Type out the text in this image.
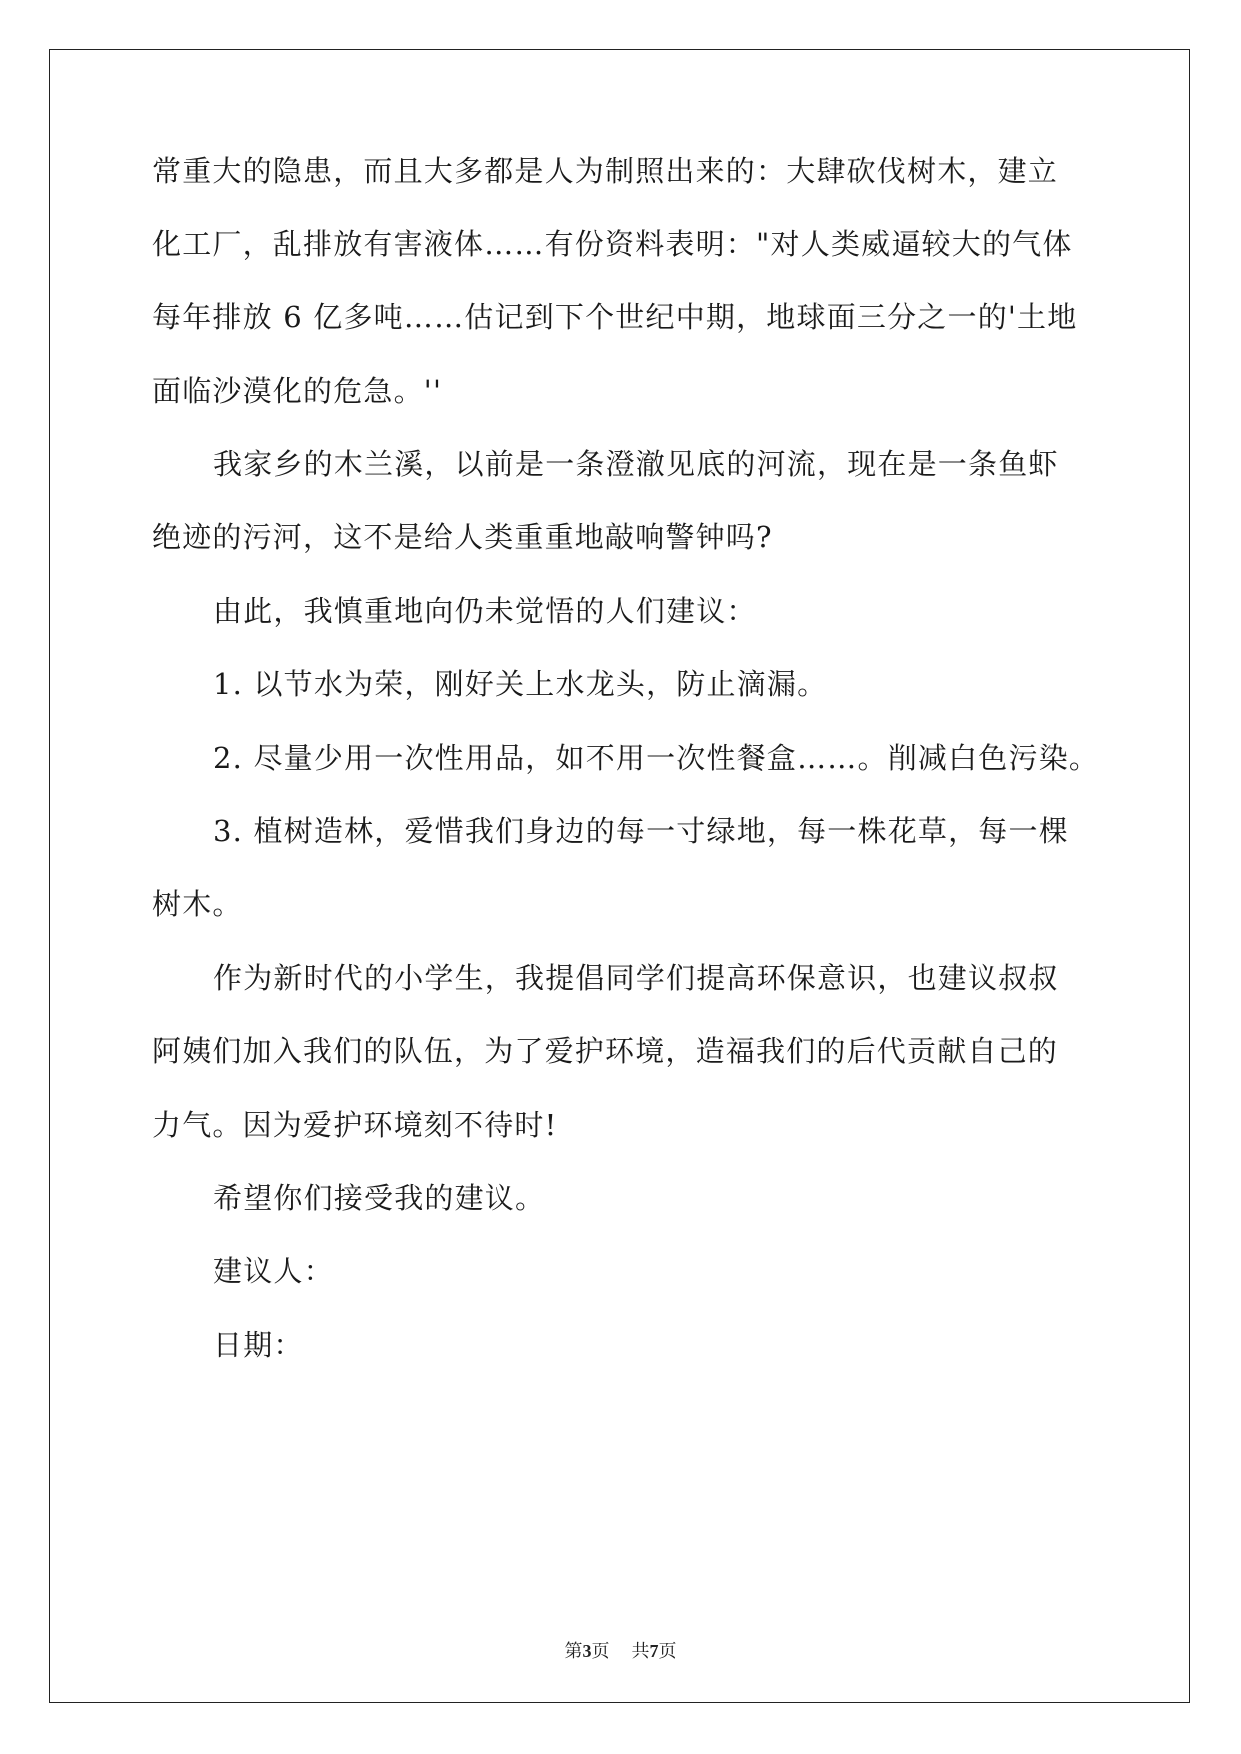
常重大的隐患，而且大多都是人为制照出来的：大肆砍伐树木，建立
化工厂，乱排放有害液体……有份资料表明："对人类威逼较大的气体
每年排放 6 亿多吨……估记到下个世纪中期，地球面三分之一的'土地
面临沙漠化的危急。''
我家乡的木兰溪，以前是一条澄澈见底的河流，现在是一条鱼虾
绝迹的污河，这不是给人类重重地敲响警钟吗?
由此，我慎重地向仍未觉悟的人们建议：
1. 以节水为荣，刚好关上水龙头，防止滴漏。
2. 尽量少用一次性用品，如不用一次性餐盒……。削减白色污染。
3. 植树造林，爱惜我们身边的每一寸绿地，每一株花草，每一棵
树木。
作为新时代的小学生，我提倡同学们提高环保意识，也建议叔叔
阿姨们加入我们的队伍，为了爱护环境，造福我们的后代贡献自己的
力气。因为爱护环境刻不待时!
希望你们接受我的建议。
建议人：
日期：
第3页 共7页
